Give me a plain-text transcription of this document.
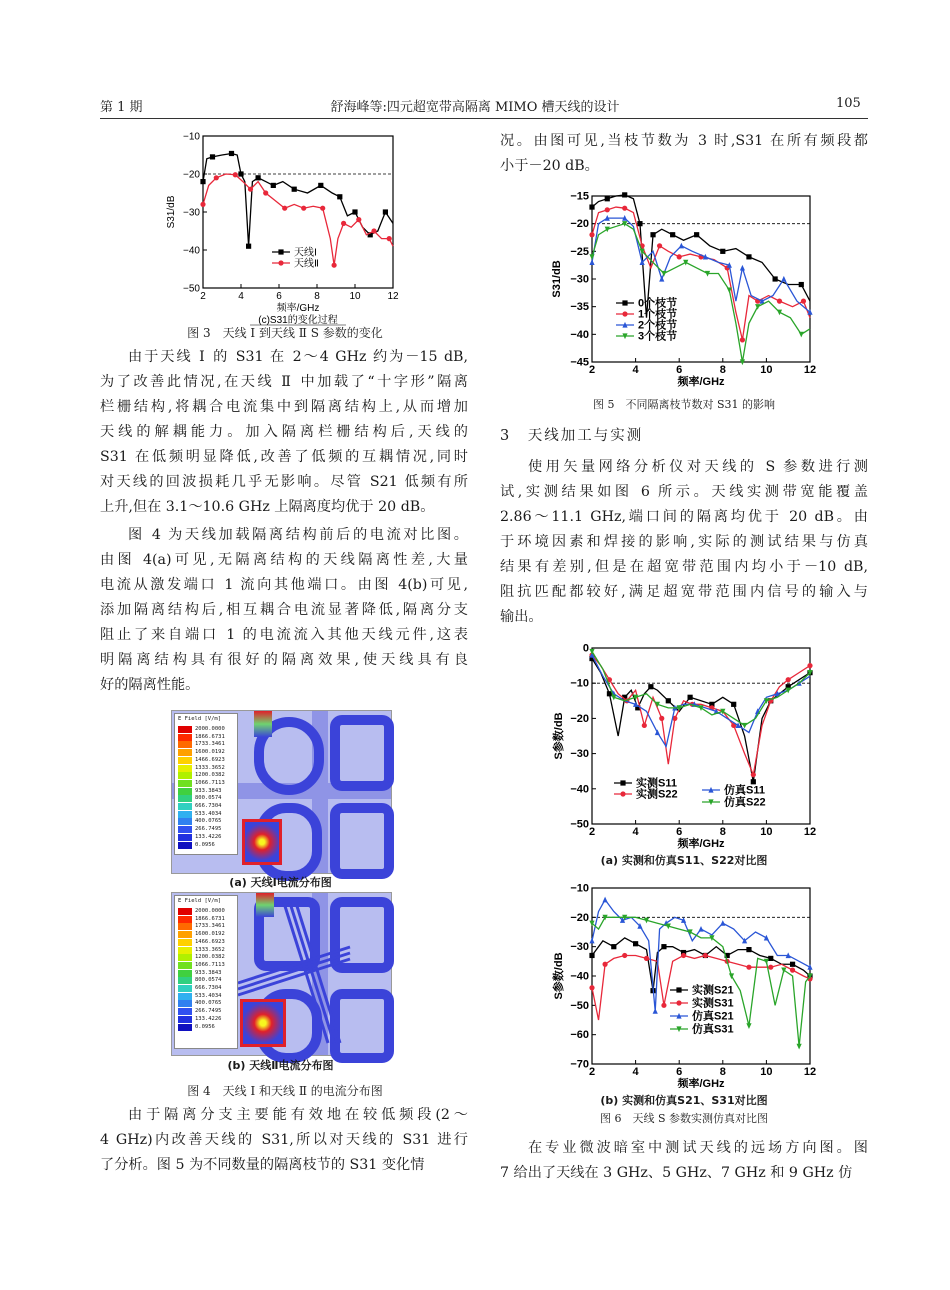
第 1 期	舒海峰等:四元超宽带高隔离 MIMO 槽天线的设计	105
2	4	6	8	10	12
−10
−20
−30
−40
−50
频率/GHz
S31/dB
天线Ⅰ
天线Ⅱ
(c)S31的变化过程
图 3　天线 Ⅰ 到天线 Ⅱ S 参数的变化
由于天线 Ⅰ 的 S31 在 2～4 GHz 约为－15 dB,
为了改善此情况,在天线 Ⅱ 中加载了“十字形”隔离
栏栅结构,将耦合电流集中到隔离结构上,从而增加
天线的解耦能力。加入隔离栏栅结构后,天线的
S31 在低频明显降低,改善了低频的互耦情况,同时
对天线的回波损耗几乎无影响。尽管 S21 低频有所
上升,但在 3.1～10.6 GHz 上隔离度均优于 20 dB。
图 4 为天线加载隔离结构前后的电流对比图。
由图 4(a)可见,无隔离结构的天线隔离性差,大量
电流从激发端口 1 流向其他端口。由图 4(b)可见,
添加隔离结构后,相互耦合电流显著降低,隔离分支
阻止了来自端口 1 的电流流入其他天线元件,这表
明隔离结构具有很好的隔离效果,使天线具有良
好的隔离性能。
E Field [V/m]
2000.0000
1866.6731
1733.3461
1600.0192
1466.6923
1333.3652
1200.0382
1066.7113
933.3843
800.0574
666.7304
533.4034
400.0765
266.7495
133.4226
0.0956
(a) 天线Ⅰ电流分布图
E Field [V/m]
2000.0000
1866.6731
1733.3461
1600.0192
1466.6923
1333.3652
1200.0382
1066.7113
933.3843
800.0574
666.7304
533.4034
400.0765
266.7495
133.4226
0.0956
(b) 天线Ⅱ电流分布图
图 4　天线 Ⅰ 和天线 Ⅱ 的电流分布图
由于隔离分支主要能有效地在较低频段(2～
4 GHz)内改善天线的 S31,所以对天线的 S31 进行
了分析。图 5 为不同数量的隔离枝节的 S31 变化情
况。由图可见,当枝节数为 3 时,S31 在所有频段都
小于－20 dB。
2	4	6	8	10	12
−15
−20
−25
−30
−35
−40
−45
频率/GHz
S31/dB
0个枝节
1个枝节
2个枝节
3个枝节
图 5　不同隔离枝节数对 S31 的影响
3　天线加工与实测
使用矢量网络分析仪对天线的 S 参数进行测
试,实测结果如图 6 所示。天线实测带宽能覆盖
2.86～11.1 GHz,端口间的隔离均优于 20 dB。由
于环境因素和焊接的影响,实际的测试结果与仿真
结果有差别,但是在超宽带范围内均小于－10 dB,
阻抗匹配都较好,满足超宽带范围内信号的输入与
输出。
2	4	6	8	10	12
0
−10
−20
−30
−40
−50
频率/GHz
S参数/dB
实测S11
实测S22	仿真S11
仿真S22
(a) 实测和仿真S11、S22对比图
2	4	6	8	10	12
−10
−20
−30
−40
−50
−60
−70
频率/GHz
S参数/dB	实测S21
实测S31
仿真S21
仿真S31
(b) 实测和仿真S21、S31对比图
图 6　天线 S 参数实测仿真对比图
在专业微波暗室中测试天线的远场方向图。图
7 给出了天线在 3 GHz、5 GHz、7 GHz 和 9 GHz 仿
